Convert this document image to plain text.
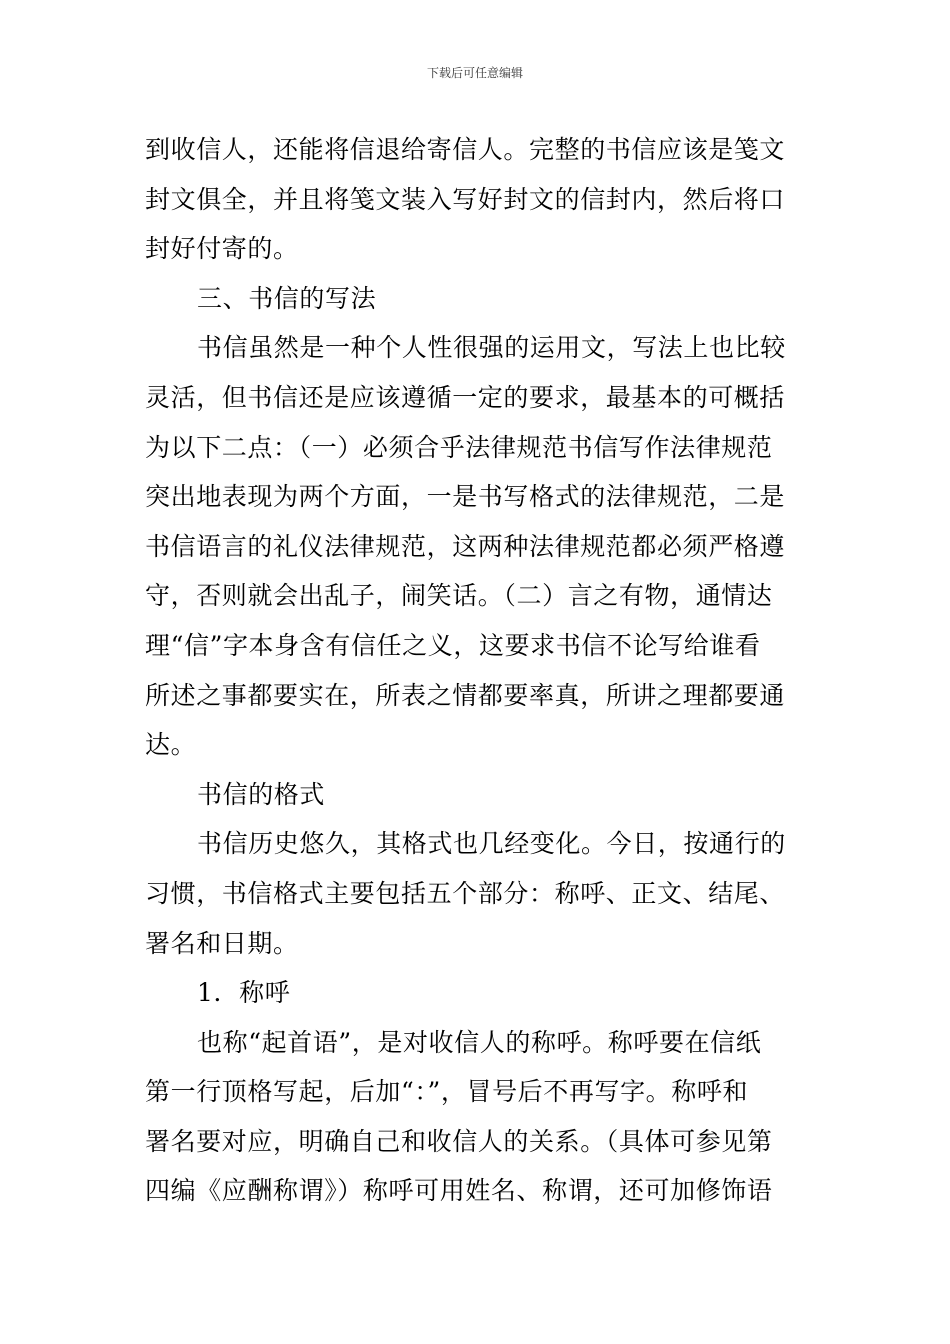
下载后可任意编辑
到收信人，还能将信退给寄信人。完整的书信应该是笺文
封文俱全，并且将笺文装入写好封文的信封内，然后将口
封好付寄的。
三、书信的写法
书信虽然是一种个人性很强的运用文，写法上也比较
灵活，但书信还是应该遵循一定的要求，最基本的可概括
为以下二点：（一）必须合乎法律规范书信写作法律规范
突出地表现为两个方面，一是书写格式的法律规范，二是
书信语言的礼仪法律规范，这两种法律规范都必须严格遵
守，否则就会出乱子，闹笑话。（二）言之有物，通情达
理“信”字本身含有信任之义，这要求书信不论写给谁看
所述之事都要实在，所表之情都要率真，所讲之理都要通
达。
书信的格式
书信历史悠久，其格式也几经变化。今日，按通行的
习惯，书信格式主要包括五个部分：称呼、正文、结尾、
署名和日期。
1．称呼
也称“起首语”，是对收信人的称呼。称呼要在信纸
第一行顶格写起，后加“：”，冒号后不再写字。称呼和
署名要对应，明确自己和收信人的关系。（具体可参见第
四编《应酬称谓》）称呼可用姓名、称谓，还可加修饰语
